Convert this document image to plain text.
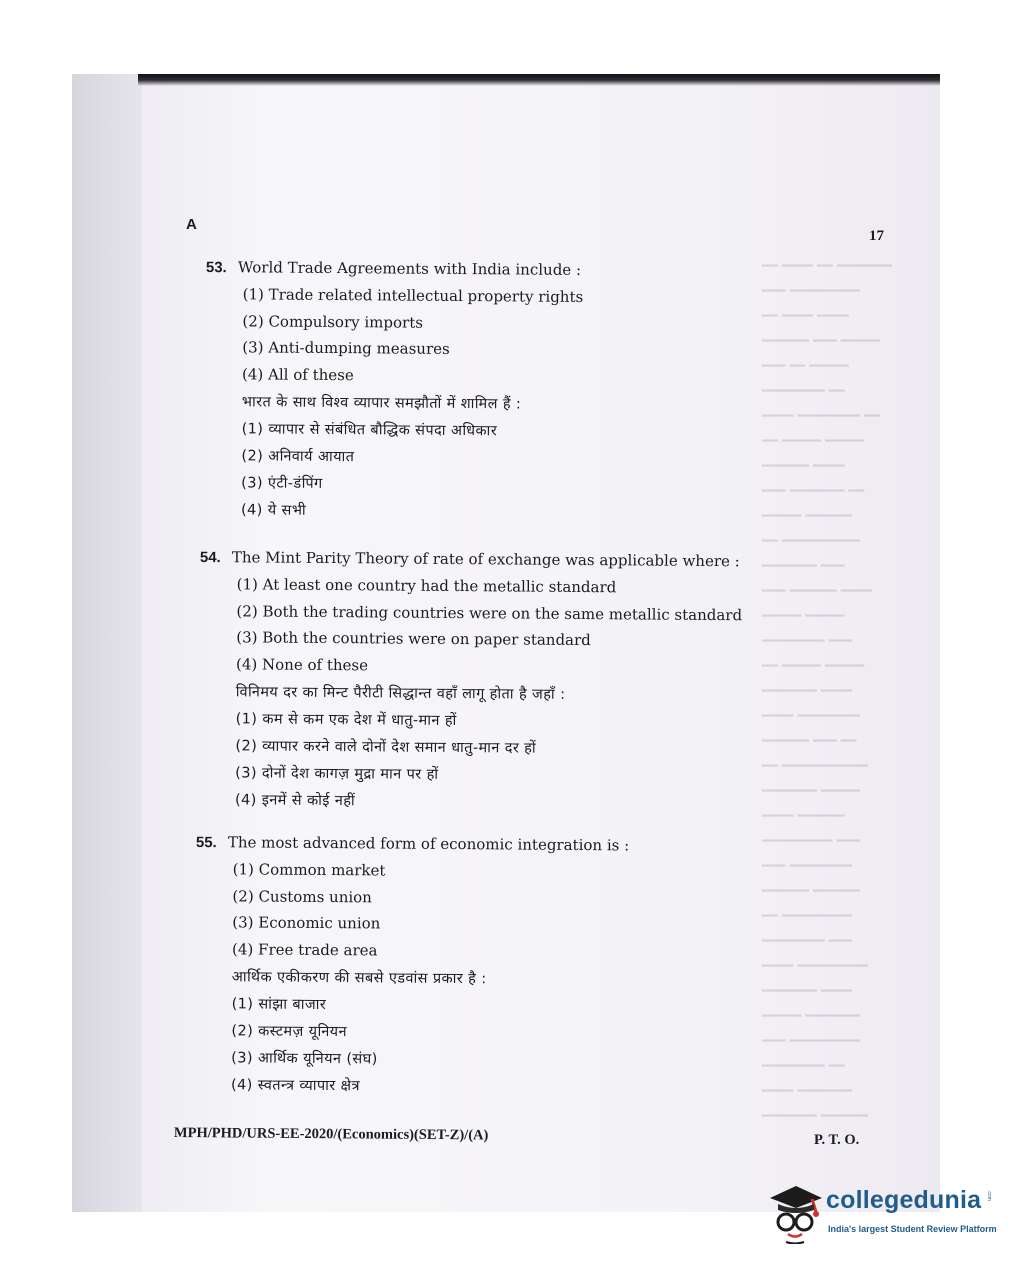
━━ ━━━━ ━━ ━━━━━━━
━━━ ━━━━━━━━━
━━ ━━━━ ━━━━
━━━━━━ ━━━ ━━━━━
━━━ ━━ ━━━━━
━━━━━━━━ ━━
━━━━ ━━━━━━━━ ━━
━━ ━━━━━ ━━━━━
━━━━━━ ━━━━
━━━ ━━━━━━━ ━━
━━━━━ ━━━━━━
━━ ━━━━━━━━━━
━━━━━━━ ━━━
━━━ ━━━━━━ ━━━━
━━━━━ ━━━━━
━━━━━━━━ ━━━
━━ ━━━━━ ━━━━━
━━━━━━━ ━━━━
━━━━ ━━━━━━━━
━━━━━━ ━━━ ━━
━━ ━━━━━━━━━━━
━━━━━━━ ━━━━━
━━━━ ━━━━━━
━━━━━━━━━ ━━━
━━━ ━━━━━━━━
━━━━━━ ━━━━━━
━━ ━━━━━━━━━
━━━━━━━━ ━━━
━━━━ ━━━━━━━━━
━━━━━━━ ━━━━
━━━━━ ━━━━━━━
━━━ ━━━━━━━━━
━━━━━━━━ ━━
━━━━ ━━━━━━━
━━━━━━━ ━━━━━━
A
17
53. World Trade Agreements with India include :
(1) Trade related intellectual property rights
(2) Compulsory imports
(3) Anti-dumping measures
(4) All of these
भारत के साथ विश्व व्यापार समझौतों में शामिल हैं :
(1) व्यापार से संबंधित बौद्धिक संपदा अधिकार
(2) अनिवार्य आयात
(3) एंटी-डंपिंग
(4) ये सभी
54. The Mint Parity Theory of rate of exchange was applicable where :
(1) At least one country had the metallic standard
(2) Both the trading countries were on the same metallic standard
(3) Both the countries were on paper standard
(4) None of these
विनिमय दर का मिन्ट पैरीटी सिद्धान्त वहाँ लागू होता है जहाँ :
(1) कम से कम एक देश में धातु-मान हों
(2) व्यापार करने वाले दोनों देश समान धातु-मान दर हों
(3) दोनों देश कागज़ मुद्रा मान पर हों
(4) इनमें से कोई नहीं
55. The most advanced form of economic integration is :
(1) Common market
(2) Customs union
(3) Economic union
(4) Free trade area
आर्थिक एकीकरण की सबसे एडवांस प्रकार है :
(1) सांझा बाजार
(2) कस्टमज़ यूनियन
(3) आर्थिक यूनियन (संघ)
(4) स्वतन्त्र व्यापार क्षेत्र
MPH/PHD/URS-EE-2020/(Economics)(SET-Z)/(A)	P. T. O.
collegedunia .com
India's largest Student Review Platform
